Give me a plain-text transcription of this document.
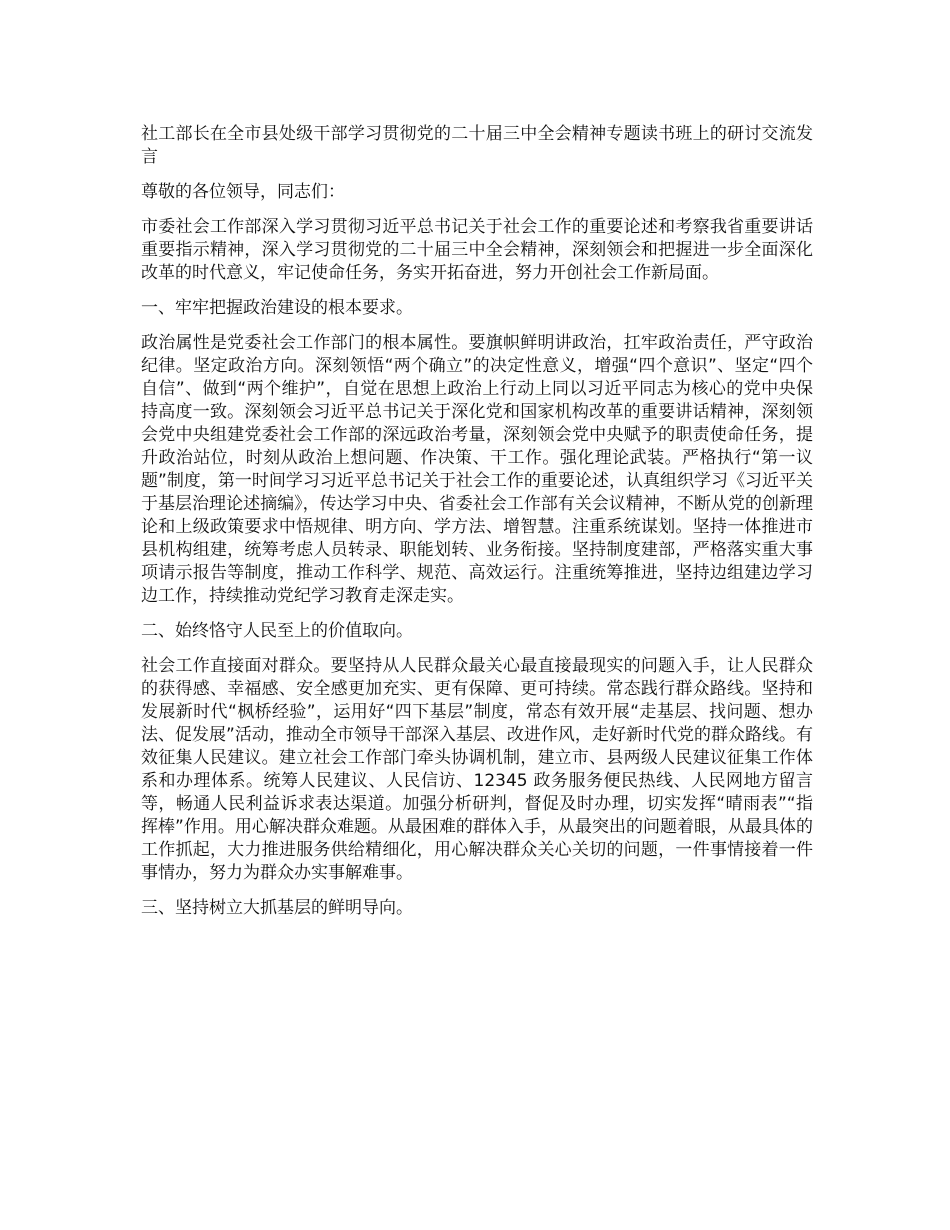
社工部长在全市县处级干部学习贯彻党的二十届三中全会精神专题读书班上的研讨交流发言

尊敬的各位领导，同志们：

市委社会工作部深入学习贯彻习近平总书记关于社会工作的重要论述和考察我省重要讲话重要指示精神，深入学习贯彻党的二十届三中全会精神，深刻领会和把握进一步全面深化改革的时代意义，牢记使命任务，务实开拓奋进，努力开创社会工作新局面。

一、牢牢把握政治建设的根本要求。

政治属性是党委社会工作部门的根本属性。要旗帜鲜明讲政治，扛牢政治责任，严守政治纪律。坚定政治方向。深刻领悟“两个确立”的决定性意义，增强“四个意识”、坚定“四个自信”、做到“两个维护”，自觉在思想上政治上行动上同以习近平同志为核心的党中央保持高度一致。深刻领会习近平总书记关于深化党和国家机构改革的重要讲话精神，深刻领会党中央组建党委社会工作部的深远政治考量，深刻领会党中央赋予的职责使命任务，提升政治站位，时刻从政治上想问题、作决策、干工作。强化理论武装。严格执行“第一议题”制度，第一时间学习习近平总书记关于社会工作的重要论述，认真组织学习《习近平关于基层治理论述摘编》，传达学习中央、省委社会工作部有关会议精神，不断从党的创新理论和上级政策要求中悟规律、明方向、学方法、增智慧。注重系统谋划。坚持一体推进市县机构组建，统筹考虑人员转录、职能划转、业务衔接。坚持制度建部，严格落实重大事项请示报告等制度，推动工作科学、规范、高效运行。注重统筹推进，坚持边组建边学习边工作，持续推动党纪学习教育走深走实。

二、始终恪守人民至上的价值取向。

社会工作直接面对群众。要坚持从人民群众最关心最直接最现实的问题入手，让人民群众的获得感、幸福感、安全感更加充实、更有保障、更可持续。常态践行群众路线。坚持和发展新时代“枫桥经验”，运用好“四下基层”制度，常态有效开展“走基层、找问题、想办法、促发展”活动，推动全市领导干部深入基层、改进作风，走好新时代党的群众路线。有效征集人民建议。建立社会工作部门牵头协调机制，建立市、县两级人民建议征集工作体系和办理体系。统筹人民建议、人民信访、12345 政务服务便民热线、人民网地方留言等，畅通人民利益诉求表达渠道。加强分析研判，督促及时办理，切实发挥“晴雨表”“指挥棒”作用。用心解决群众难题。从最困难的群体入手，从最突出的问题着眼，从最具体的工作抓起，大力推进服务供给精细化，用心解决群众关心关切的问题，一件事情接着一件事情办，努力为群众办实事解难事。

三、坚持树立大抓基层的鲜明导向。
